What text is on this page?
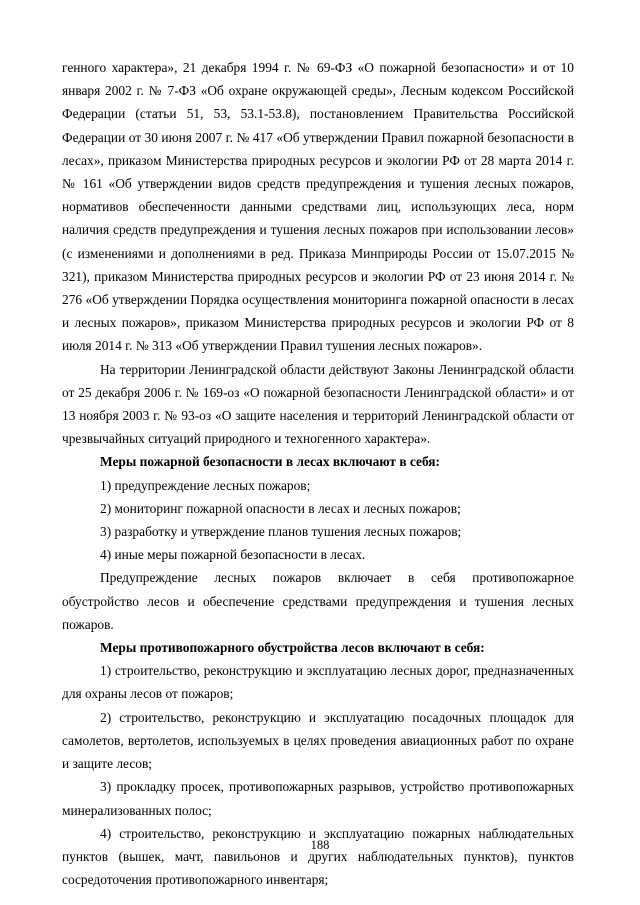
генного характера», 21 декабря 1994 г. № 69-ФЗ «О пожарной безопасности» и от 10 января 2002 г. № 7-ФЗ «Об охране окружающей среды», Лесным кодексом Российской Федерации (статьи 51, 53, 53.1-53.8), постановлением Правительства Российской Федерации от 30 июня 2007 г. № 417 «Об утверждении Правил пожарной безопасности в лесах», приказом Министерства природных ресурсов и экологии РФ от 28 марта 2014 г. № 161 «Об утверждении видов средств предупреждения и тушения лесных пожаров, нормативов обеспеченности данными средствами лиц, использующих леса, норм наличия средств предупреждения и тушения лесных пожаров при использовании лесов» (с изменениями и дополнениями в ред. Приказа Минприроды России от 15.07.2015 № 321), приказом Министерства природных ресурсов и экологии РФ от 23 июня 2014 г. № 276 «Об утверждении Порядка осуществления мониторинга пожарной опасности в лесах и лесных пожаров», приказом Министерства природных ресурсов и экологии РФ от 8 июля 2014 г. № 313 «Об утверждении Правил тушения лесных пожаров».

На территории Ленинградской области действуют Законы Ленинградской области от 25 декабря 2006 г. № 169-оз «О пожарной безопасности Ленинградской области» и от 13 ноября 2003 г. № 93-оз «О защите населения и территорий Ленинградской области от чрезвычайных ситуаций природного и техногенного характера».

Меры пожарной безопасности в лесах включают в себя:

1) предупреждение лесных пожаров;

2) мониторинг пожарной опасности в лесах и лесных пожаров;

3) разработку и утверждение планов тушения лесных пожаров;

4) иные меры пожарной безопасности в лесах.

Предупреждение лесных пожаров включает в себя противопожарное обустройство лесов и обеспечение средствами предупреждения и тушения лесных пожаров.

Меры противопожарного обустройства лесов включают в себя:

1) строительство, реконструкцию и эксплуатацию лесных дорог, предназначенных для охраны лесов от пожаров;

2) строительство, реконструкцию и эксплуатацию посадочных площадок для самолетов, вертолетов, используемых в целях проведения авиационных работ по охране и защите лесов;

3) прокладку просек, противопожарных разрывов, устройство противопожарных минерализованных полос;

4) строительство, реконструкцию и эксплуатацию пожарных наблюдательных пунктов (вышек, мачт, павильонов и других наблюдательных пунктов), пунктов сосредоточения противопожарного инвентаря;

188
